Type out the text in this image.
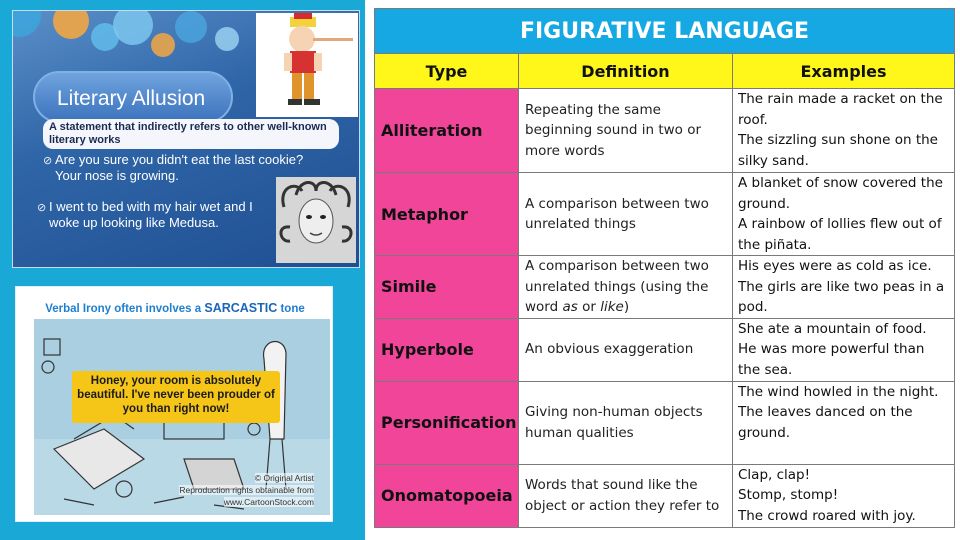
Literary Allusion
A statement that indirectly refers to other well-known literary works
⊘ Are you sure you didn't eat the last cookie? Your nose is growing.
⊘ I went to bed with my hair wet and I woke up looking like Medusa.
Verbal Irony often involves a SARCASTIC tone
Honey, your room is absolutely beautiful. I've never been prouder of you than right now!
© Original Artist
Reproduction rights obtainable from
www.CartoonStock.com
FIGURATIVE LANGUAGE		
Type	Definition	Examples
Alliteration	Repeating the same beginning sound in two or more words	The rain made a racket on the roof.
The sizzling sun shone on the silky sand.

Metaphor	A comparison between two unrelated things	A blanket of snow covered the ground.
A rainbow of lollies flew out of the piñata.

Simile	A comparison between two unrelated things (using the word as or like)	His eyes were as cold as ice.
The girls are like two peas in a pod.

Hyperbole	An obvious exaggeration	She ate a mountain of food.
He was more powerful than the sea.

Personification	Giving non-human objects human qualities	The wind howled in the night.
The leaves danced on the ground.

Onomatopoeia	Words that sound like the object or action they refer to	Clap, clap!
Stomp, stomp!
The crowd roared with joy.
